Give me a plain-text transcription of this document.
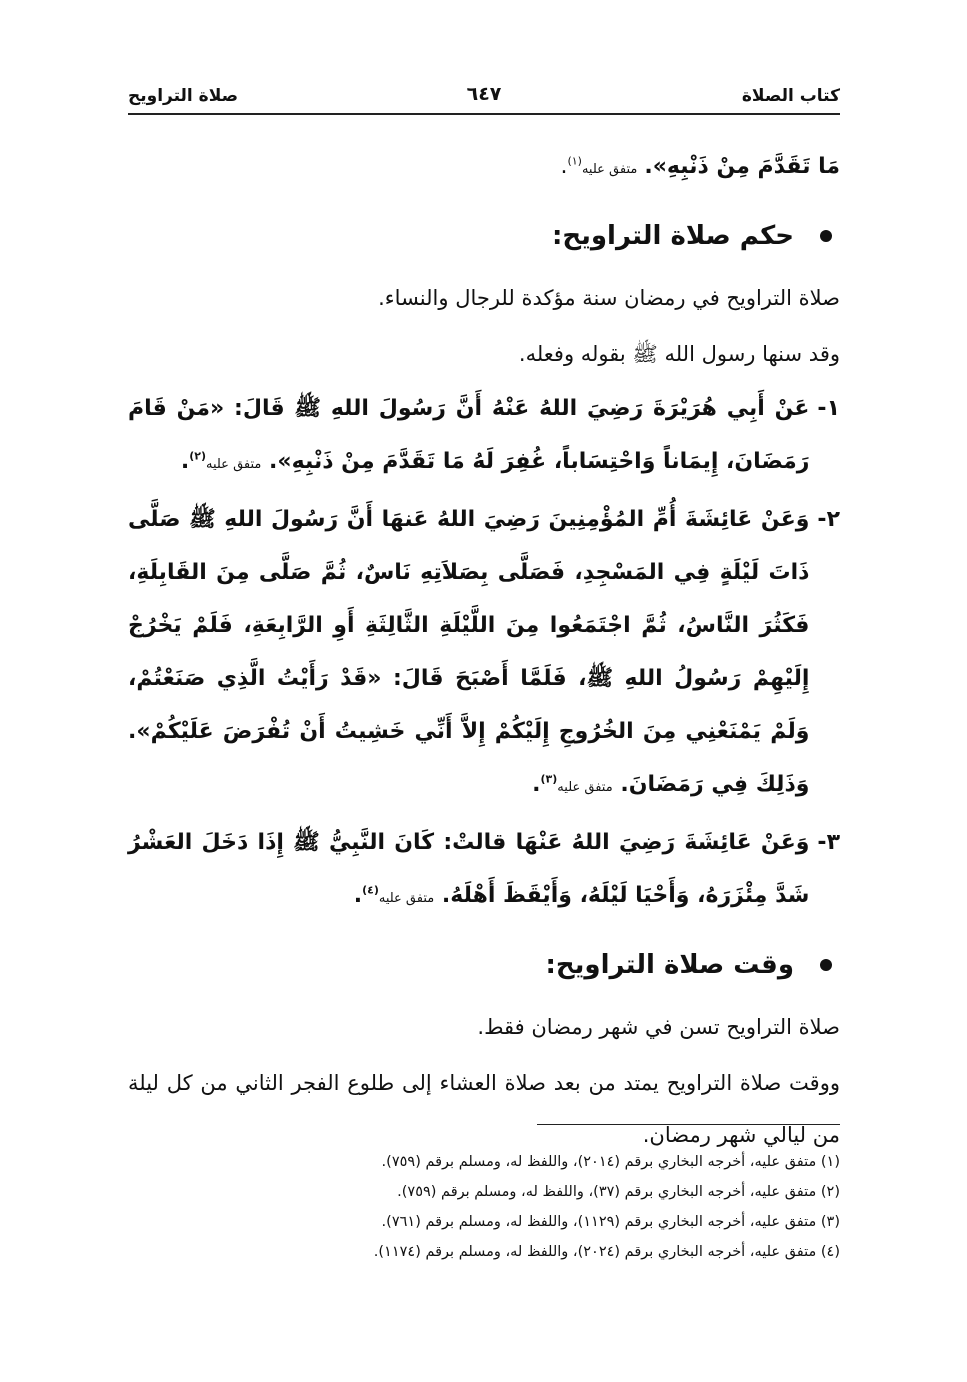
كتاب الصلاة
٦٤٧
صلاة التراويح

مَا تَقَدَّمَ مِنْ ذَنْبِهِ». متفق عليه$^{(١)}$.

حكم صلاة التراويح:

صلاة التراويح في رمضان سنة مؤكدة للرجال والنساء.

وقد سنها رسول الله ﷺ بقوله وفعله.

١-
عَنْ أَبِي هُرَيْرَةَ رَضِيَ اللهُ عَنْهُ أَنَّ رَسُولَ اللهِ ﷺ قَالَ: «مَنْ قَامَ رَمَضَانَ، إِيمَاناً وَاحْتِسَاباً، غُفِرَ لَهُ مَا تَقَدَّمَ مِنْ ذَنْبِهِ». متفق عليه$^{(٢)}$.
٢-
وَعَنْ عَائِشَةَ أُمِّ المُؤْمِنِينَ رَضِيَ اللهُ عَنهَا أَنَّ رَسُولَ اللهِ ﷺ صَلَّى ذَاتَ لَيْلَةٍ فِي المَسْجِدِ، فَصَلَّى بِصَلاَتِهِ نَاسٌ، ثُمَّ صَلَّى مِنَ القَابِلَةِ، فَكَثُرَ النَّاسُ، ثُمَّ اجْتَمَعُوا مِنَ اللَّيْلَةِ الثَّالِثَةِ أَوِ الرَّابِعَةِ، فَلَمْ يَخْرُجْ إِلَيْهِمْ رَسُولُ اللهِ ﷺ، فَلَمَّا أَصْبَحَ قَالَ: «قَدْ رَأَيْتُ الَّذِي صَنَعْتُمْ، وَلَمْ يَمْنَعْنِي مِنَ الخُرُوجِ إِلَيْكُمْ إِلاَّ أَنِّي خَشِيتُ أَنْ تُفْرَضَ عَلَيْكُمْ». وَذَلِكَ فِي رَمَضَانَ. متفق عليه$^{(٣)}$.
٣-
وَعَنْ عَائِشَةَ رَضِيَ اللهُ عَنْهَا قالتْ: كَانَ النَّبِيُّ ﷺ إِذَا دَخَلَ العَشْرُ شَدَّ مِئْزَرَهُ، وَأَحْيَا لَيْلَهُ، وَأَيْقَظَ أَهْلَهُ. متفق عليه$^{(٤)}$.
وقت صلاة التراويح:

صلاة التراويح تسن في شهر رمضان فقط.

ووقت صلاة التراويح يمتد من بعد صلاة العشاء إلى طلوع الفجر الثاني من كل ليلة من ليالي شهر رمضان.

(١) متفق عليه، أخرجه البخاري برقم (٢٠١٤)، واللفظ له، ومسلم برقم (٧٥٩).

(٢) متفق عليه، أخرجه البخاري برقم (٣٧)، واللفظ له، ومسلم برقم (٧٥٩).

(٣) متفق عليه، أخرجه البخاري برقم (١١٢٩)، واللفظ له، ومسلم برقم (٧٦١).

(٤) متفق عليه، أخرجه البخاري برقم (٢٠٢٤)، واللفظ له، ومسلم برقم (١١٧٤).
